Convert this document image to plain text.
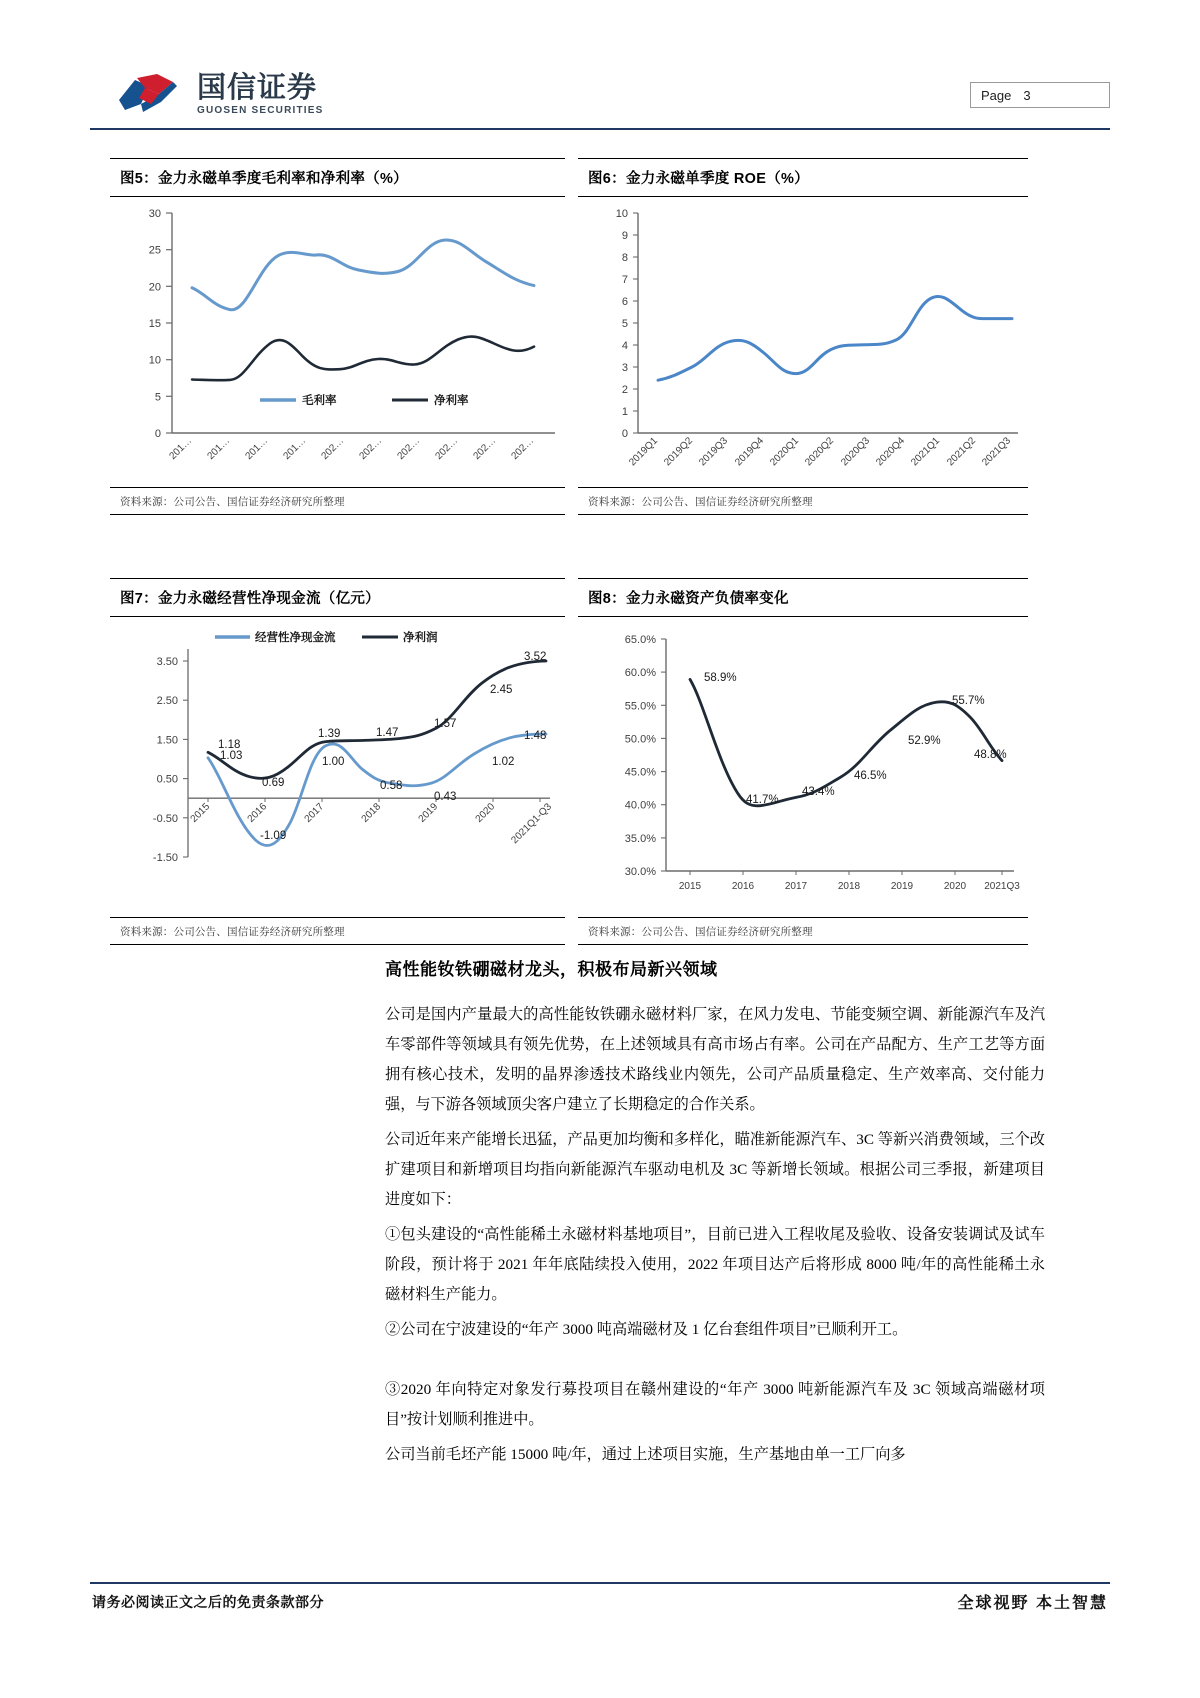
国信证券
GUOSEN SECURITIES
Page 3
图5：金力永磁单季度毛利率和净利率（%）
30
25
20
15
10
5
0
毛利率	净利率
201… 201… 201… 201… 202… 202… 202… 202… 202… 202…
资料来源：公司公告、国信证券经济研究所整理
图6：金力永磁单季度 ROE（%）
10
9
8
7
6
5
4
3
2
1
0
2019Q1 2019Q2 2019Q3 2019Q4 2020Q1 2020Q2 2020Q3 2020Q4 2021Q1 2021Q2 2021Q3
资料来源：公司公告、国信证券经济研究所整理
图7：金力永磁经营性净现金流（亿元）
经营性净现金流	净利润
3.50
2.50
1.50
0.50
-0.50
-1.50
1.18
0.69
1.39	1.47
1.57
2.45
3.52
1.03
-1.09
1.00
0.58
0.43
1.02
1.48
2015	2016	2017	2018	2019	2020 2021Q1-Q3
资料来源：公司公告、国信证券经济研究所整理
图8：金力永磁资产负债率变化
65.0%
60.0%
55.0%
50.0%
45.0%
40.0%
35.0%
30.0%
58.9%
41.7%
43.4%
46.5%
52.9%
55.7%
48.8%
2015	2016	2017	2018	2019	2020 2021Q3
资料来源：公司公告、国信证券经济研究所整理
高性能钕铁硼磁材龙头，积极布局新兴领域
公司是国内产量最大的高性能钕铁硼永磁材料厂家，在风力发电、节能变频空调、新能源汽车及汽车零部件等领域具有领先优势，在上述领域具有高市场占有率。公司在产品配方、生产工艺等方面拥有核心技术，发明的晶界渗透技术路线业内领先，公司产品质量稳定、生产效率高、交付能力强，与下游各领域顶尖客户建立了长期稳定的合作关系。
公司近年来产能增长迅猛，产品更加均衡和多样化，瞄准新能源汽车、3C 等新兴消费领域，三个改扩建项目和新增项目均指向新能源汽车驱动电机及 3C 等新增长领域。根据公司三季报，新建项目进度如下：
①包头建设的“高性能稀土永磁材料基地项目”，目前已进入工程收尾及验收、设备安装调试及试车阶段，预计将于 2021 年年底陆续投入使用，2022 年项目达产后将形成 8000 吨/年的高性能稀土永磁材料生产能力。
②公司在宁波建设的“年产 3000 吨高端磁材及 1 亿台套组件项目”已顺利开工。
③2020 年向特定对象发行募投项目在赣州建设的“年产 3000 吨新能源汽车及 3C 领域高端磁材项目”按计划顺利推进中。
公司当前毛坯产能 15000 吨/年，通过上述项目实施，生产基地由单一工厂向多
请务必阅读正文之后的免责条款部分	全球视野 本土智慧
